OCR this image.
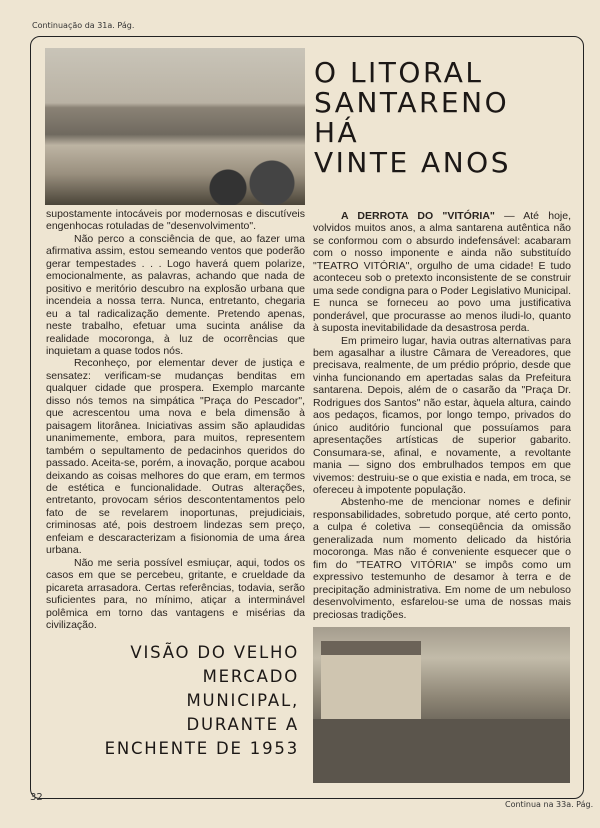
Continuação da 31a. Pág.
O LITORAL
SANTARENO
HÁ
VINTE ANOS

supostamente intocáveis por modernosas e discutíveis engenhocas rotuladas de "desenvolvimento".

Não perco a consciência de que, ao fazer uma afirmativa assim, estou semeando ventos que poderão gerar tempestades . . . Logo haverá quem polarize, emocionalmente, as palavras, achando que nada de positivo e meritório descubro na explosão urbana que incendeia a nossa terra. Nunca, entretanto, chegaria eu a tal radicalização demente. Pretendo apenas, neste trabalho, efetuar uma sucinta análise da realidade mocoronga, à luz de ocorrências que inquietam a quase todos nós.

Reconheço, por elementar dever de justiça e sensatez: verificam-se mudanças benditas em qualquer cidade que prospera. Exemplo marcante disso nós temos na simpática "Praça do Pescador", que acrescentou uma nova e bela dimensão à paisagem litorânea. Iniciativas assim são aplaudidas unanimemente, embora, para muitos, representem também o sepultamento de pedacinhos queridos do passado. Aceita-se, porém, a inovação, porque acabou deixando as coisas melhores do que eram, em termos de estética e funcionalidade. Outras alterações, entretanto, provocam sérios descontentamentos pelo fato de se revelarem inoportunas, prejudiciais, criminosas até, pois destroem lindezas sem preço, enfeiam e descaracterizam a fisionomia de uma área urbana.

Não me seria possível esmiuçar, aqui, todos os casos em que se percebeu, gritante, e crueldade da picareta arrasadora. Certas referências, todavia, serão suficientes para, no mínimo, atiçar a interminável polêmica em torno das vantagens e misérias da civilização.

A DERROTA DO "VITÓRIA" — Até hoje, volvidos muitos anos, a alma santarena autêntica não se conformou com o absurdo indefensável: acabaram com o nosso imponente e ainda não substituído "TEATRO VITÓRIA", orgulho de uma cidade! E tudo aconteceu sob o pretexto inconsistente de se construir uma sede condigna para o Poder Legislativo Municipal. E nunca se forneceu ao povo uma justificativa ponderável, que procurasse ao menos iludi-lo, quanto à suposta inevitabilidade da desastrosa perda.

Em primeiro lugar, havia outras alternativas para bem agasalhar a ilustre Câmara de Vereadores, que precisava, realmente, de um prédio próprio, desde que vinha funcionando em apertadas salas da Prefeitura santarena. Depois, além de o casarão da "Praça Dr. Rodrigues dos Santos" não estar, àquela altura, caindo aos pedaços, ficamos, por longo tempo, privados do único auditório funcional que possuíamos para apresentações artísticas de superior gabarito. Consumara-se, afinal, e novamente, a revoltante mania — signo dos embrulhados tempos em que vivemos: destruiu-se o que existia e nada, em troca, se ofereceu à impotente população.

Abstenho-me de mencionar nomes e definir responsabilidades, sobretudo porque, até certo ponto, a culpa é coletiva — conseqüência da omissão generalizada num momento delicado da história mocoronga. Mas não é conveniente esquecer que o fim do "TEATRO VITÓRIA" se impôs como um expressivo testemunho de desamor à terra e de precipitação administrativa. Em nome de um nebuloso desenvolvimento, esfarelou-se uma de nossas mais preciosas tradições.

VISÃO DO VELHO
MERCADO
MUNICIPAL,
DURANTE A
ENCHENTE DE 1953
32
Continua na 33a. Pág.
